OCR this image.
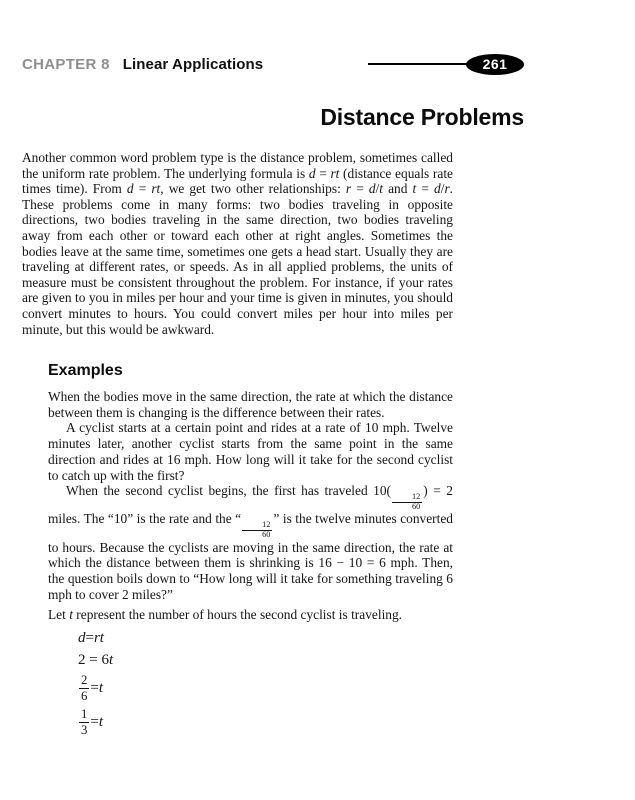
CHAPTER 8 Linear Applications	261
Distance Problems

Another common word problem type is the distance problem, sometimes called the uniform rate problem. The underlying formula is d = rt (distance equals rate times time). From d = rt, we get two other relationships: r = d/t and t = d/r. These problems come in many forms: two bodies traveling in opposite directions, two bodies traveling in the same direction, two bodies traveling away from each other or toward each other at right angles. Sometimes the bodies leave at the same time, sometimes one gets a head start. Usually they are traveling at different rates, or speeds. As in all applied problems, the units of measure must be consistent throughout the problem. For instance, if your rates are given to you in miles per hour and your time is given in minutes, you should convert minutes to hours. You could convert miles per hour into miles per minute, but this would be awkward.

Examples

When the bodies move in the same direction, the rate at which the distance between them is changing is the difference between their rates.

A cyclist starts at a certain point and rides at a rate of 10 mph. Twelve minutes later, another cyclist starts from the same point in the same direction and rides at 16 mph. How long will it take for the second cyclist to catch up with the first?

When the second cyclist begins, the first has traveled 10(
$\frac{12}{60}$
) = 2 miles. The “10” is the rate and the “
$\frac{12}{60}$
” is the twelve minutes converted to hours. Because the cyclists are moving in the same direction, the rate at which the distance between them is shrinking is 16 − 10 = 6 mph. Then, the question boils down to “How long will it take for something traveling 6 mph to cover 2 miles?”

Let t represent the number of hours the second cyclist is traveling.

d = rt
2 = 6 t
$\frac{2}{6} = t$
$\frac{1}{3} = t$
